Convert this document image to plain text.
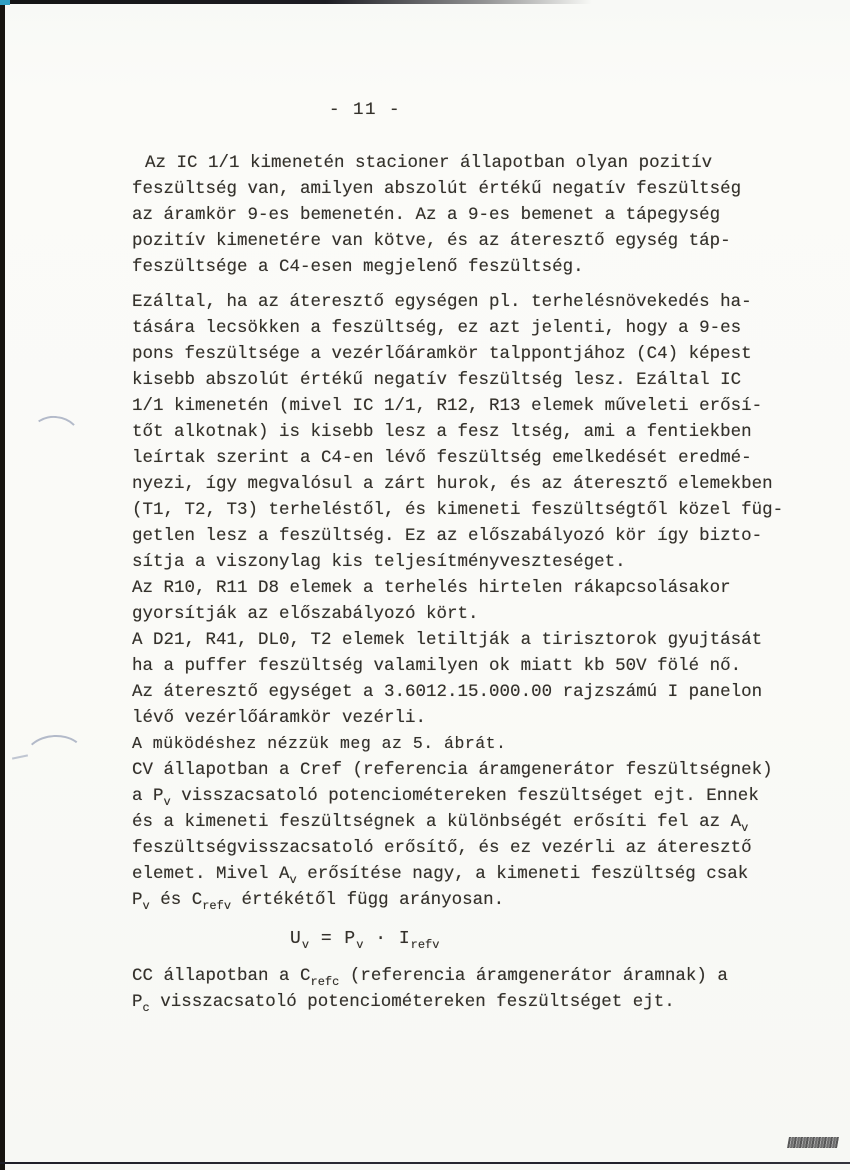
- 11 -
Az IC 1/1 kimenetén stacioner állapotban olyan pozitív
feszültség van, amilyen abszolút értékű negatív feszültség
az áramkör 9-es bemenetén. Az a 9-es bemenet a tápegység
pozitív kimenetére van kötve, és az áteresztő egység táp-
feszültsége a C4-esen megjelenő feszültség.
Ezáltal, ha az áteresztő egységen pl. terhelésnövekedés ha-
tására lecsökken a feszültség, ez azt jelenti, hogy a 9-es
pons feszültsége a vezérlőáramkör talppontjához (C4) képest
kisebb abszolút értékű negatív feszültség lesz. Ezáltal IC
1/1 kimenetén (mivel IC 1/1, R12, R13 elemek műveleti erősí-
tőt alkotnak) is kisebb lesz a fesz ltség, ami a fentiekben
leírtak szerint a C4-en lévő feszültség emelkedését eredmé-
nyezi, így megvalósul a zárt hurok, és az áteresztő elemekben
(T1, T2, T3) terheléstől, és kimeneti feszültségtől közel füg-
getlen lesz a feszültség. Ez az előszabályozó kör így bizto-
sítja a viszonylag kis teljesítményveszteséget.
Az R10, R11 D8 elemek a terhelés hirtelen rákapcsolásakor
gyorsítják az előszabályozó kört.
A D21, R41, DL0, T2 elemek letiltják a tirisztorok gyujtását
ha a puffer feszültség valamilyen ok miatt kb 50V fölé nő.
Az áteresztő egységet a 3.6012.15.000.00 rajzszámú I panelon
lévő vezérlőáramkör vezérli.
A müködéshez nézzük meg az 5. ábrát.
CV állapotban a Cref (referencia áramgenerátor feszültségnek)
a $P_v$ visszacsatoló potenciométereken feszültséget ejt. Ennek
és a kimeneti feszültségnek a különbségét erősíti fel az $A_v$
feszültségvisszacsatoló erősítő, és ez vezérli az áteresztő
elemet. Mivel $A_v$ erősítése nagy, a kimeneti feszültség csak
$P_v$ és $C_{refv}$ értékétől függ arányosan.
$U_v = P_v \cdot I_{refv}$
CC állapotban a $C_{refc}$ (referencia áramgenerátor áramnak) a
$P_c$ visszacsatoló potenciométereken feszültséget ejt.
